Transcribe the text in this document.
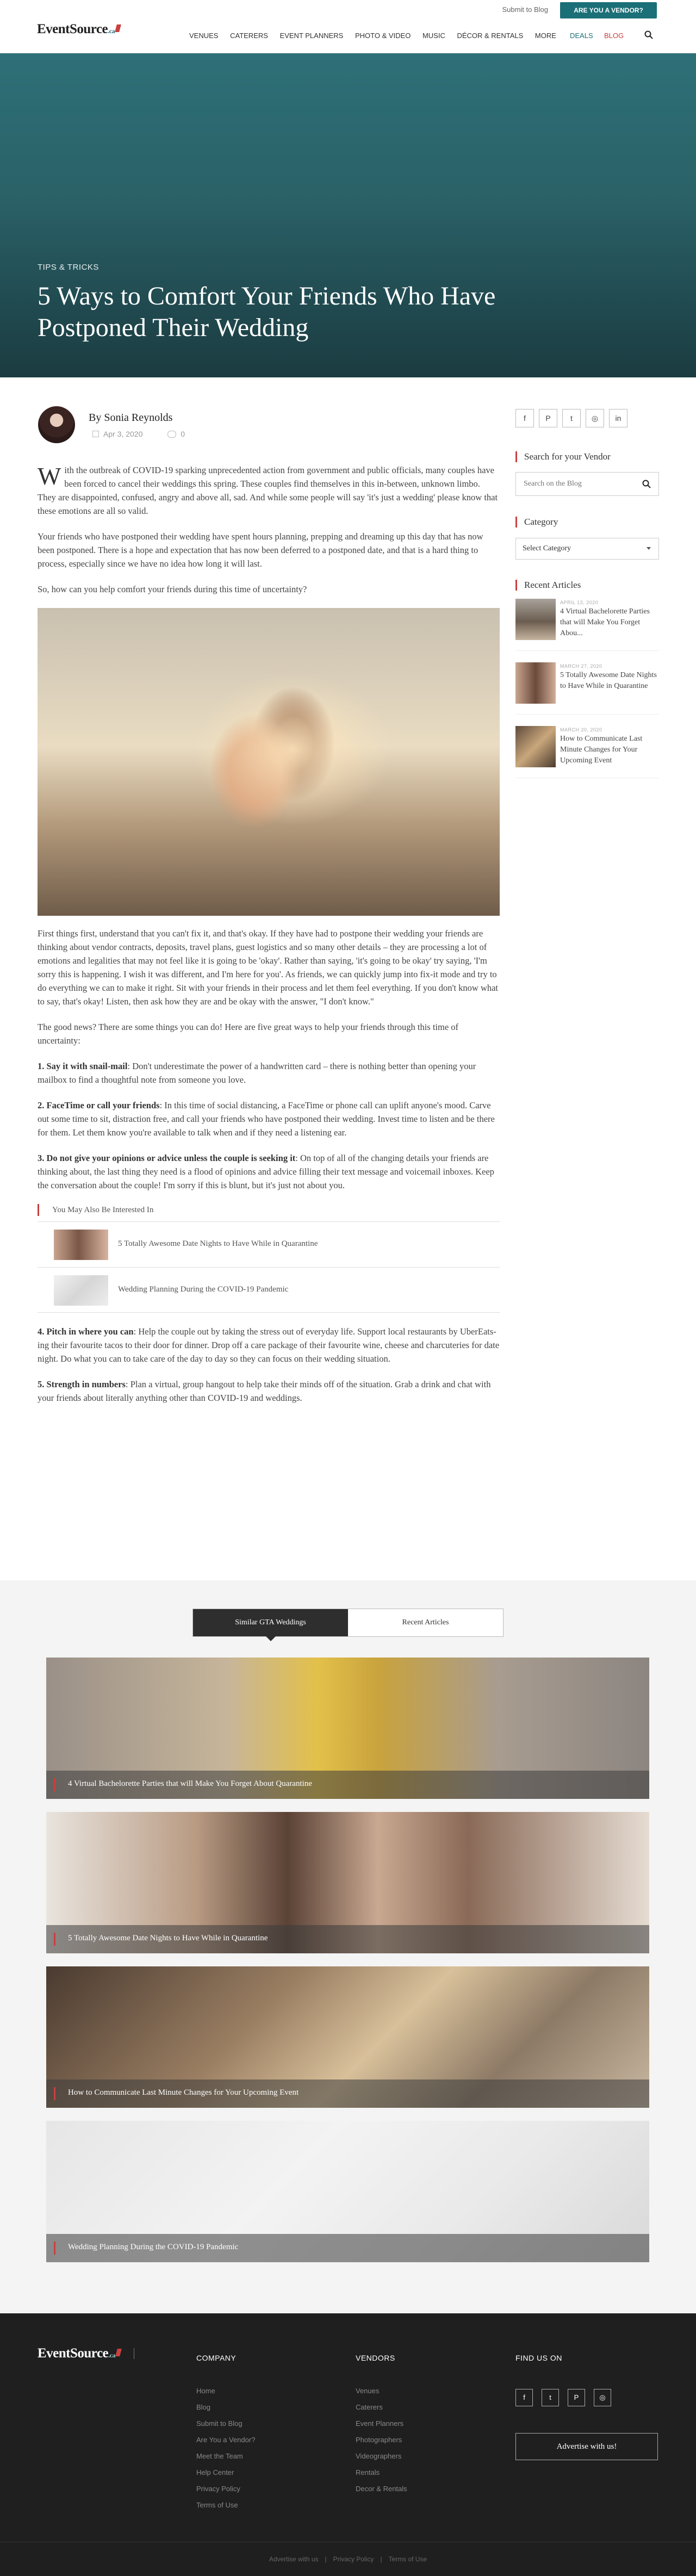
Submit to Blog	ARE YOU A VENDOR?
EventSource.ca
VENUES CATERERS EVENT PLANNERS PHOTO & VIDEO MUSIC DÉCOR & RENTALS MORE	DEALS BLOG
TIPS & TRICKS
5 Ways to Comfort Your Friends Who Have Postponed Their Wedding
By Sonia Reynolds
Apr 3, 2020	0

With the outbreak of COVID-19 sparking unprecedented action from government and public officials, many couples have been forced to cancel their weddings this spring. These couples find themselves in this in-between, unknown limbo. They are disappointed, confused, angry and above all, sad. And while some people will say 'it's just a wedding' please know that these emotions are all so valid.

Your friends who have postponed their wedding have spent hours planning, prepping and dreaming up this day that has now been postponed. There is a hope and expectation that has now been deferred to a postponed date, and that is a hard thing to process, especially since we have no idea how long it will last.

So, how can you help comfort your friends during this time of uncertainty?

First things first, understand that you can't fix it, and that's okay. If they have had to postpone their wedding your friends are thinking about vendor contracts, deposits, travel plans, guest logistics and so many other details – they are processing a lot of emotions and legalities that may not feel like it is going to be 'okay'. Rather than saying, 'it's going to be okay' try saying, 'I'm sorry this is happening. I wish it was different, and I'm here for you'. As friends, we can quickly jump into fix-it mode and try to do everything we can to make it right. Sit with your friends in their process and let them feel everything. If you don't know what to say, that's okay! Listen, then ask how they are and be okay with the answer, "I don't know."

The good news? There are some things you can do! Here are five great ways to help your friends through this time of uncertainty:

1. Say it with snail-mail: Don't underestimate the power of a handwritten card – there is nothing better than opening your mailbox to find a thoughtful note from someone you love.

2. FaceTime or call your friends: In this time of social distancing, a FaceTime or phone call can uplift anyone's mood. Carve out some time to sit, distraction free, and call your friends who have postponed their wedding. Invest time to listen and be there for them. Let them know you're available to talk when and if they need a listening ear.

3. Do not give your opinions or advice unless the couple is seeking it: On top of all of the changing details your friends are thinking about, the last thing they need is a flood of opinions and advice filling their text message and voicemail inboxes. Keep the conversation about the couple! I'm sorry if this is blunt, but it's just not about you.

You May Also Be Interested In
5 Totally Awesome Date Nights to Have While in Quarantine
Wedding Planning During the COVID-19 Pandemic

4. Pitch in where you can: Help the couple out by taking the stress out of everyday life. Support local restaurants by UberEats-ing their favourite tacos to their door for dinner. Drop off a care package of their favourite wine, cheese and charcuteries for date night. Do what you can to take care of the day to day so they can focus on their wedding situation.

5. Strength in numbers: Plan a virtual, group hangout to help take their minds off of the situation. Grab a drink and chat with your friends about literally anything other than COVID-19 and weddings.

f	P	t	◎	in
Search for your Vendor
Search on the Blog
Category
Select Category
Recent Articles
APRIL 13, 2020
4 Virtual Bachelorette Parties that will Make You Forget Abou...
MARCH 27, 2020
5 Totally Awesome Date Nights to Have While in Quarantine
MARCH 20, 2020
How to Communicate Last Minute Changes for Your Upcoming Event
Similar GTA Weddings	Recent Articles
4 Virtual Bachelorette Parties that will Make You Forget About Quarantine
5 Totally Awesome Date Nights to Have While in Quarantine
How to Communicate Last Minute Changes for Your Upcoming Event
Wedding Planning During the COVID-19 Pandemic
EventSource.ca	COMPANY
Home
Blog
Submit to Blog
Are You a Vendor?
Meet the Team
Help Center
Privacy Policy
Terms of Use
VENDORS
Venues
Caterers
Event Planners
Photographers
Videographers
Rentals
Decor & Rentals
FIND US ON
f	t	P	◎
Advertise with us!
Advertise with us | Privacy Policy | Terms of Use
